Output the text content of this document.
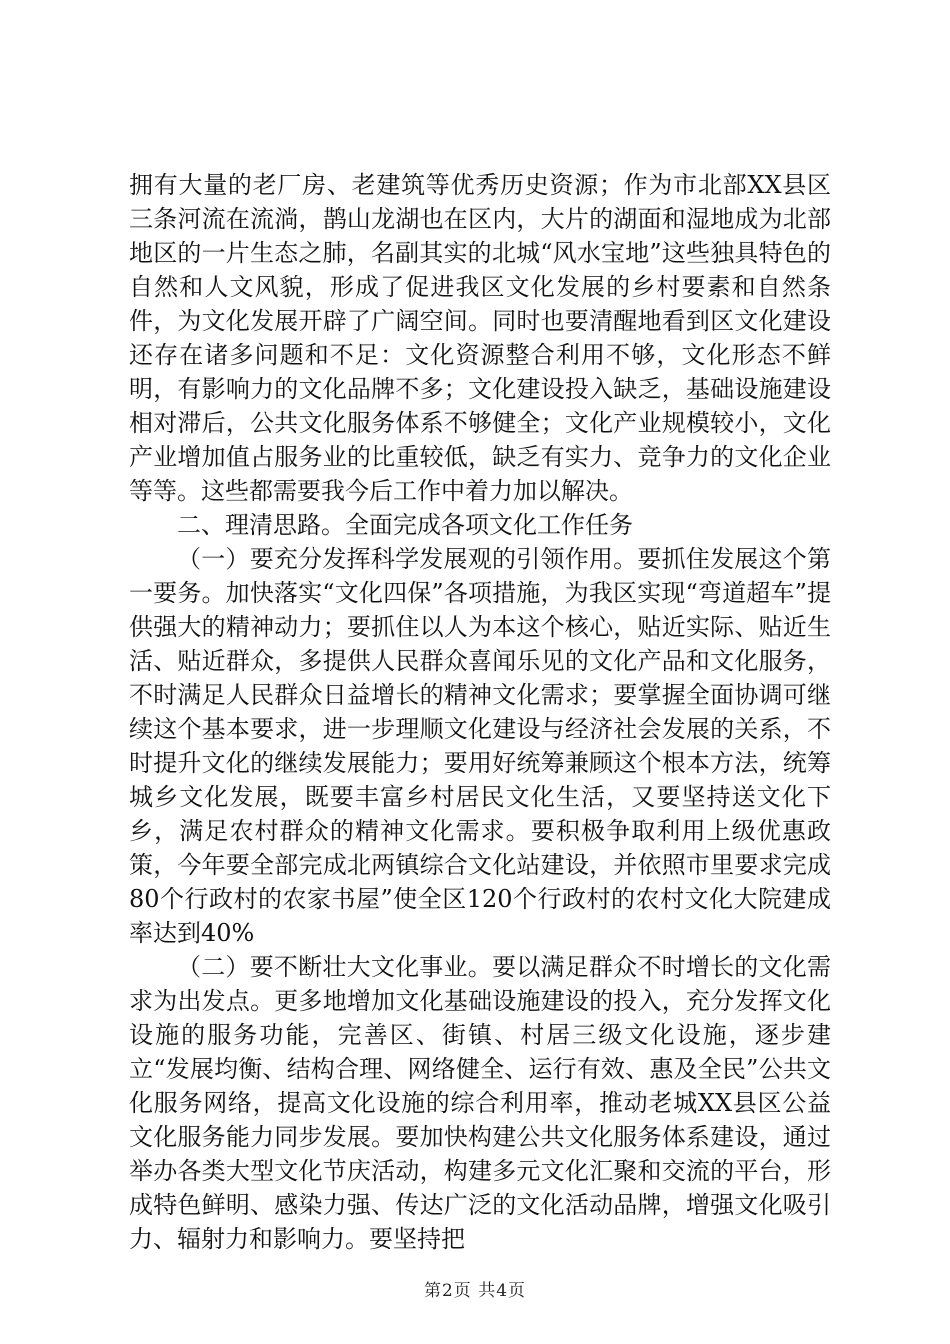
拥有大量的老厂房、老建筑等优秀历史资源；作为市北部XX县区三条河流在流淌，鹊山龙湖也在区内，大片的湖面和湿地成为北部地区的一片生态之肺，名副其实的北城“风水宝地”这些独具特色的自然和人文风貌，形成了促进我区文化发展的乡村要素和自然条件，为文化发展开辟了广阔空间。同时也要清醒地看到区文化建设还存在诸多问题和不足：文化资源整合利用不够，文化形态不鲜明，有影响力的文化品牌不多；文化建设投入缺乏，基础设施建设相对滞后，公共文化服务体系不够健全；文化产业规模较小，文化产业增加值占服务业的比重较低，缺乏有实力、竞争力的文化企业等等。这些都需要我今后工作中着力加以解决。

二、理清思路。全面完成各项文化工作任务

（一）要充分发挥科学发展观的引领作用。要抓住发展这个第一要务。加快落实“文化四保”各项措施，为我区实现“弯道超车”提供强大的精神动力；要抓住以人为本这个核心，贴近实际、贴近生活、贴近群众，多提供人民群众喜闻乐见的文化产品和文化服务，不时满足人民群众日益增长的精神文化需求；要掌握全面协调可继续这个基本要求，进一步理顺文化建设与经济社会发展的关系，不时提升文化的继续发展能力；要用好统筹兼顾这个根本方法，统筹城乡文化发展，既要丰富乡村居民文化生活，又要坚持送文化下乡，满足农村群众的精神文化需求。要积极争取利用上级优惠政策，今年要全部完成北两镇综合文化站建设，并依照市里要求完成80个行政村的农家书屋”使全区120个行政村的农村文化大院建成率达到40%

（二）要不断壮大文化事业。要以满足群众不时增长的文化需求为出发点。更多地增加文化基础设施建设的投入，充分发挥文化设施的服务功能，完善区、街镇、村居三级文化设施，逐步建立“发展均衡、结构合理、网络健全、运行有效、惠及全民”公共文化服务网络，提高文化设施的综合利用率，推动老城XX县区公益文化服务能力同步发展。要加快构建公共文化服务体系建设，通过举办各类大型文化节庆活动，构建多元文化汇聚和交流的平台，形成特色鲜明、感染力强、传达广泛的文化活动品牌，增强文化吸引力、辐射力和影响力。要坚持把

第2页 共4页
